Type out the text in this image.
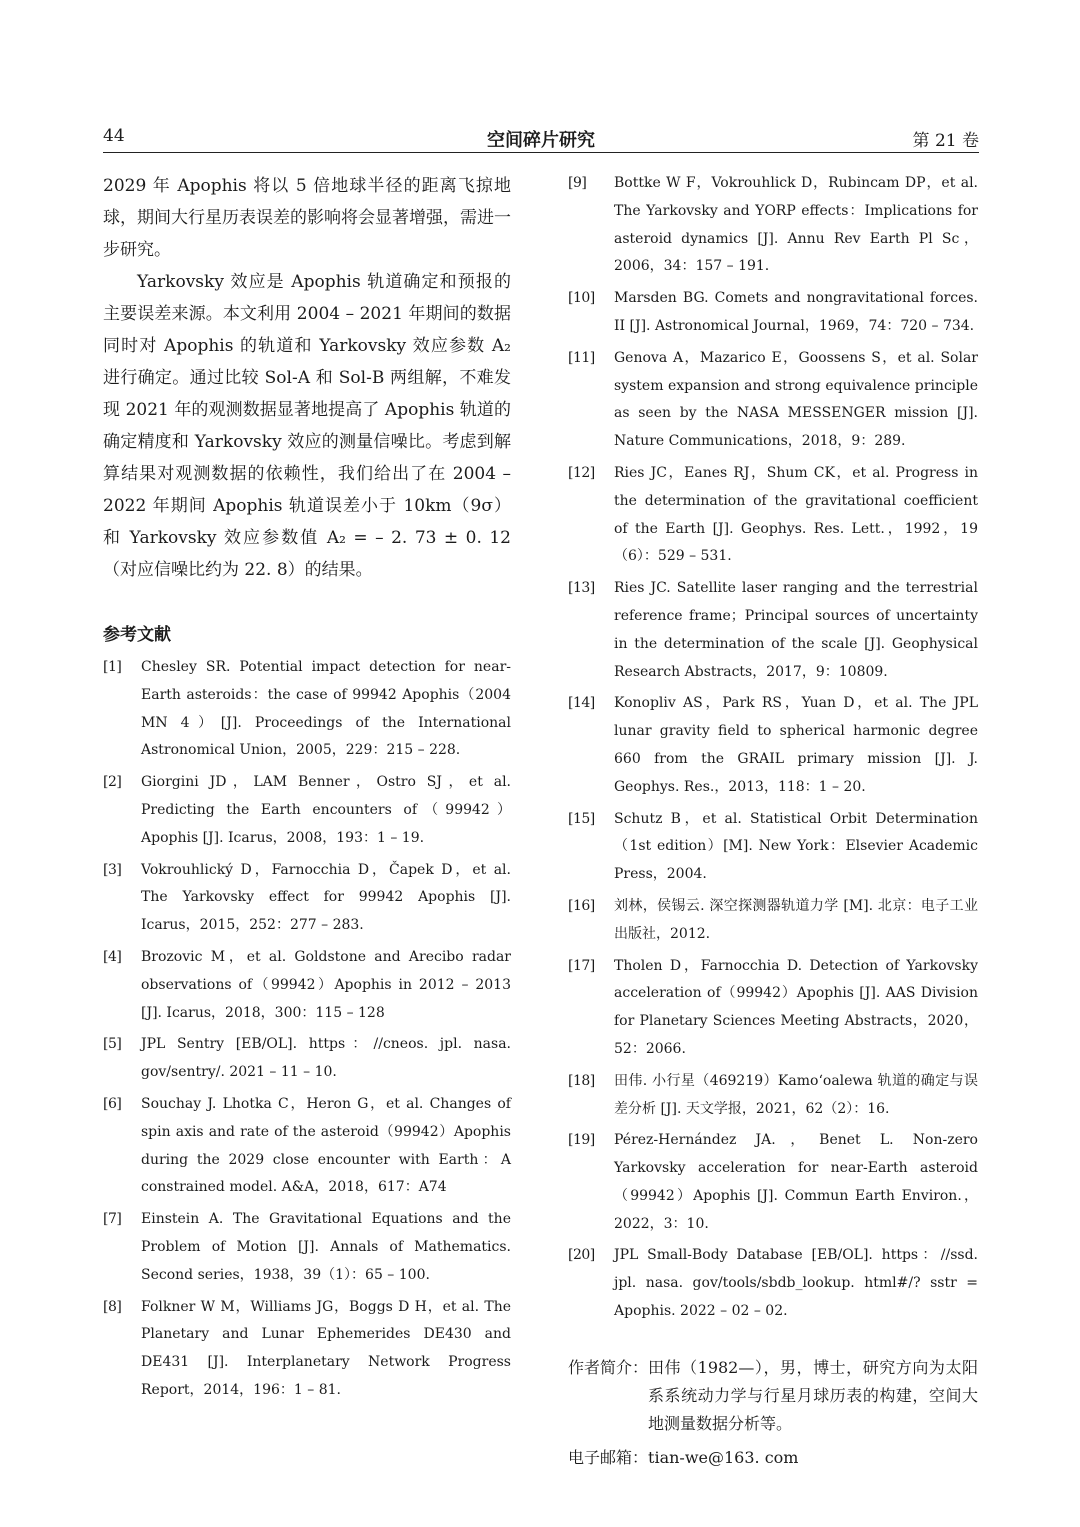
44	空间碎片研究	第 21 卷

2029 年 Apophis 将以 5 倍地球半径的距离飞掠地球，期间大行星历表误差的影响将会显著增强，需进一步研究。

Yarkovsky 效应是 Apophis 轨道确定和预报的主要误差来源。本文利用 2004 – 2021 年期间的数据同时对 Apophis 的轨道和 Yarkovsky 效应参数 A₂ 进行确定。通过比较 Sol-A 和 Sol-B 两组解，不难发现 2021 年的观测数据显著地提高了 Apophis 轨道的确定精度和 Yarkovsky 效应的测量信噪比。考虑到解算结果对观测数据的依赖性，我们给出了在 2004 – 2022 年期间 Apophis 轨道误差小于 10km（9σ）和 Yarkovsky 效应参数值 A₂ = – 2. 73 ± 0. 12（对应信噪比约为 22. 8）的结果。

参考文献
[1]	Chesley SR. Potential impact detection for near-Earth asteroids：the case of 99942 Apophis（2004 MN 4）[J]. Proceedings of the International Astronomical Union，2005，229：215 – 228.
[2]	Giorgini JD，LAM Benner，Ostro SJ，et al. Predicting the Earth encounters of（99942）Apophis [J]. Icarus，2008，193：1 – 19.
[3]	Vokrouhlický D，Farnocchia D，Čapek D，et al. The Yarkovsky effect for 99942 Apophis [J]. Icarus，2015，252：277 – 283.
[4]	Brozovic M，et al. Goldstone and Arecibo radar observations of（99942）Apophis in 2012 – 2013 [J]. Icarus，2018，300：115 – 128
[5]	JPL Sentry [EB/OL]. https：//cneos. jpl. nasa. gov/sentry/. 2021 – 11 – 10.
[6]	Souchay J. Lhotka C，Heron G，et al. Changes of spin axis and rate of the asteroid（99942）Apophis during the 2029 close encounter with Earth：A constrained model. A&A，2018，617：A74
[7]	Einstein A. The Gravitational Equations and the Problem of Motion [J]. Annals of Mathematics. Second series，1938，39（1）：65 – 100.
[8]	Folkner W M，Williams JG，Boggs D H，et al. The Planetary and Lunar Ephemerides DE430 and DE431 [J]. Interplanetary Network Progress Report，2014，196：1 – 81.
[9]	Bottke W F，Vokrouhlick D，Rubincam DP，et al. The Yarkovsky and YORP effects：Implications for asteroid dynamics [J]. Annu Rev Earth Pl Sc，2006，34：157 – 191.
[10]	Marsden BG. Comets and nongravitational forces. II [J]. Astronomical Journal，1969，74：720 – 734.
[11]	Genova A，Mazarico E，Goossens S，et al. Solar system expansion and strong equivalence principle as seen by the NASA MESSENGER mission [J]. Nature Communications，2018，9：289.
[12]	Ries JC，Eanes RJ，Shum CK，et al. Progress in the determination of the gravitational coefficient of the Earth [J]. Geophys. Res. Lett.，1992，19（6）：529 – 531.
[13]	Ries JC. Satellite laser ranging and the terrestrial reference frame；Principal sources of uncertainty in the determination of the scale [J]. Geophysical Research Abstracts，2017，9：10809.
[14]	Konopliv AS，Park RS，Yuan D，et al. The JPL lunar gravity field to spherical harmonic degree 660 from the GRAIL primary mission [J]. J. Geophys. Res.，2013，118：1 – 20.
[15]	Schutz B，et al. Statistical Orbit Determination（1st edition）[M]. New York：Elsevier Academic Press，2004.
[16]	刘林，侯锡云. 深空探测器轨道力学 [M]. 北京：电子工业出版社，2012.
[17]	Tholen D，Farnocchia D. Detection of Yarkovsky acceleration of（99942）Apophis [J]. AAS Division for Planetary Sciences Meeting Abstracts，2020，52：2066.
[18]	田伟. 小行星（469219）Kamoʻoalewa 轨道的确定与误差分析 [J]. 天文学报，2021，62（2）：16.
[19]	Pérez-Hernández JA.，Benet L. Non-zero Yarkovsky acceleration for near-Earth asteroid（99942）Apophis [J]. Commun Earth Environ.，2022，3：10.
[20]	JPL Small-Body Database [EB/OL]. https：//ssd. jpl. nasa. gov/tools/sbdb_lookup. html#/? sstr = Apophis. 2022 – 02 – 02.
作者简介： 田伟（1982—），男，博士，研究方向为太阳系系统动力学与行星月球历表的构建，空间大地测量数据分析等。
电子邮箱：tian-we@163. com
